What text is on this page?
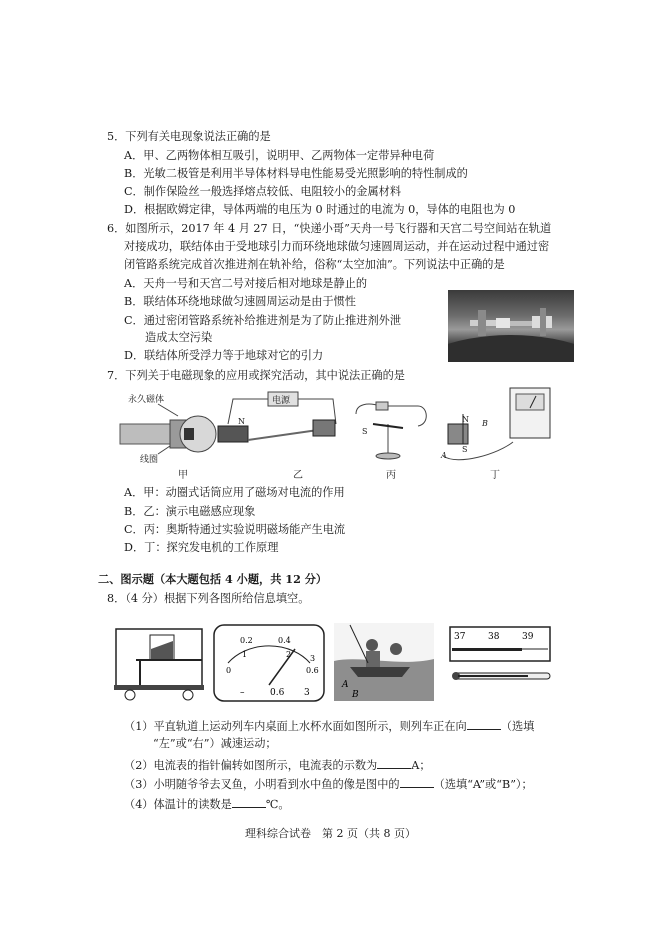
5．下列有关电现象说法正确的是
A．甲、乙两物体相互吸引，说明甲、乙两物体一定带异种电荷
B．光敏二极管是利用半导体材料导电性能易受光照影响的特性制成的
C．制作保险丝一般选择熔点较低、电阻较小的金属材料
D．根据欧姆定律，导体两端的电压为 0 时通过的电流为 0，导体的电阻也为 0
6．如图所示，2017 年 4 月 27 日，“快递小哥”天舟一号飞行器和天宫二号空间站在轨道
对接成功，联结体由于受地球引力而环绕地球做匀速圆周运动，并在运动过程中通过密
闭管路系统完成首次推进剂在轨补给，俗称“太空加油”。下列说法中正确的是
A．天舟一号和天宫二号对接后相对地球是静止的
B．联结体环绕地球做匀速圆周运动是由于惯性
C．通过密闭管路系统补给推进剂是为了防止推进剂外泄
造成太空污染
D．联结体所受浮力等于地球对它的引力
7．下列关于电磁现象的应用或探究活动，其中说法正确的是
永久磁体
线圈
甲
电源
N
乙
S
丙
N
S
A
B
丁
A．甲：动圈式话筒应用了磁场对电流的作用
B．乙：演示电磁感应现象
C．丙：奥斯特通过实验说明磁场能产生电流
D．丁：探究发电机的工作原理
二、图示题（本大题包括 4 小题，共 12 分）
8．（4 分）根据下列各图所给信息填空。
0
0.2	0.4
0.6
1	2 3
–	0.6 3
A
B
37	38	39
（1）平直轨道上运动列车内桌面上水杯水面如图所示，则列车正在向	（选填
“左”或“右”）减速运动；
（2）电流表的指针偏转如图所示，电流表的示数为	A；
（3）小明随爷爷去叉鱼，小明看到水中鱼的像是图中的	（选填“A”或“B”）；
（4）体温计的读数是	℃。
理科综合试卷　第 2 页（共 8 页）
